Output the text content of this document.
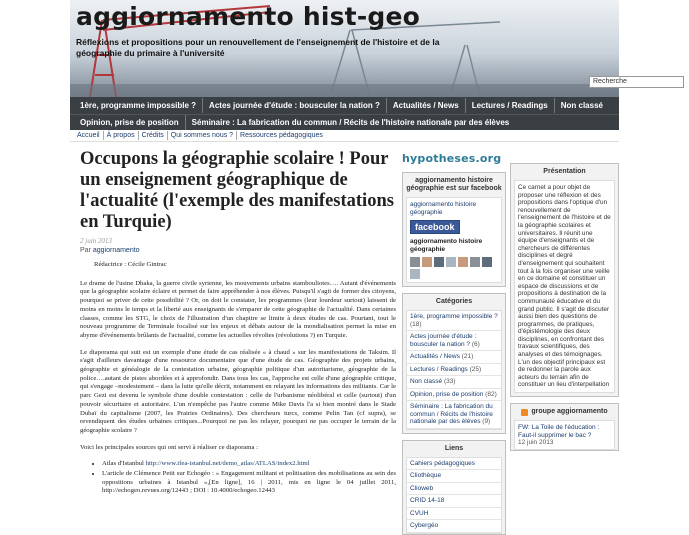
aggiornamento hist-geo
Réflexions et propositions pour un renouvellement de l'enseignement de l'histoire et de la géographie du primaire à l'université
Recherche
1ère, programme impossible ?	Actes journée d'étude : bousculer la nation ?	Actualités / News	Lectures / Readings	Non classé
Opinion, prise de position	Séminaire : La fabrication du commun / Récits de l'histoire nationale par des élèves
Accueil	À propos	Crédits	Qui sommes nous ?	Ressources pédagogiques
Occupons la géographie scolaire ! Pour un enseignement géographique de l'actualité (l'exemple des manifestations en Turquie)
2 juin 2013
Par aggiornamento

Rédactrice : Cécile Gintrac

Le drame de l'usine Dhaka, la guerre civile syrienne, les mouvements urbains stambouliotes…. Autant d'événements que la géographie scolaire éclaire et permet de faire appréhender à nos élèves. Puisqu'il s'agit de former des citoyens, pourquoi se priver de cette possibilité ? Or, on doit le constater, les programmes (leur lourdeur surtout) laissent de moins en moins le temps et la liberté aux enseignants de s'emparer de cette géographie de l'actualité. Dans certaines classes, comme les STG, le choix de l'illustration d'un chapitre se limite à deux études de cas. Pourtant, tout le nouveau programme de Terminale focalisé sur les enjeux et débats autour de la mondialisation permet la mise en abyme d'événements brûlants de l'actualité, comme les actuelles révoltes (révolutions ?) en Turquie.

Le diaporama qui suit est un exemple d'une étude de cas réalisée « à chaud » sur les manifestations de Taksim. Il s'agit d'ailleurs davantage d'une ressource documentaire que d'une étude de cas. Géographie des projets urbains, géographie et généalogie de la contestation urbaine, géographie politique d'un autoritarisme, géographie de la police….autant de pistes abordées et à approfondir. Dans tous les cas, l'approche est celle d'une géographie critique, qui s'engage –modestement – dans la lutte qu'elle décrit, notamment en relayant les informations des militants. Car le parc Gezi est devenu le symbole d'une double contestation : celle de l'urbanisme néolibéral et celle (surtout) d'un pouvoir sécuritaire et autoritaire. L'un n'empêche pas l'autre comme Mike Davis l'a si bien montré dans le Stade Dubaï du capitalisme (2007, les Prairies Ordinaires). Des chercheurs turcs, comme Pelin Tan (cf supra), se revendiquent des études urbaines critiques...Pourquoi ne pas les relayer, pourquoi ne pas occuper le terrain de la géographie scolaire ?

Voici les principales sources qui ont servi à réaliser ce diaporama :

• Atlas d'Istanbul http://www.ifea-istanbul.net/demo_atlas/ATLAS/index2.html
• L'article de Clémence Petit sur Echogéo : « Engagement militant et politisation des mobilisations au sein des oppositions urbaines à Istanbul »,[En ligne], 16 | 2011, mis en ligne le 04 juillet 2011, http://echogeo.revues.org/12443 ; DOI : 10.4000/echogeo.12443
hypotheses.org
aggiornamento histoire géographie est sur facebook
aggiornamento histoire géographie
facebook
aggiornamento histoire géographie
Catégories
1ère, programme impossible ? (18)
Actes journée d'étude : bousculer la nation ? (6)
Actualités / News (21)
Lectures / Readings (25)
Non classé (33)
Opinion, prise de position (82)
Séminaire : La fabrication du commun / Récits de l'histoire nationale par des élèves (9)
Liens
Cahiers pédagogiques
Cliothèque
Clioweb
CRID 14-18
CVUH
Cybergéo
Présentation
Ce carnet a pour objet de proposer une réflexion et des propositions dans l'optique d'un renouvellement de l'enseignement de l'histoire et de la géographie scolaires et universitaires. Il réunit une équipe d'enseignants et de chercheurs de différentes disciplines et degré d'enseignement qui souhaitent tout à la fois organiser une veille en ce domaine et constituer un espace de discussions et de propositions à destination de la communauté éducative et du grand public. Il s'agit de discuter aussi bien des questions de programmes, de pratiques, d'épistémologie des deux disciplines, en confrontant des travaux scientifiques, des analyses et des témoignages. L'un des objectif principaux est de redonner la parole aux acteurs du terrain afin de constituer un lieu d'interpellation
groupe aggiornamento
FW: La Toile de l'éducation : Faut-il supprimer le bac ?
12 juin 2013
